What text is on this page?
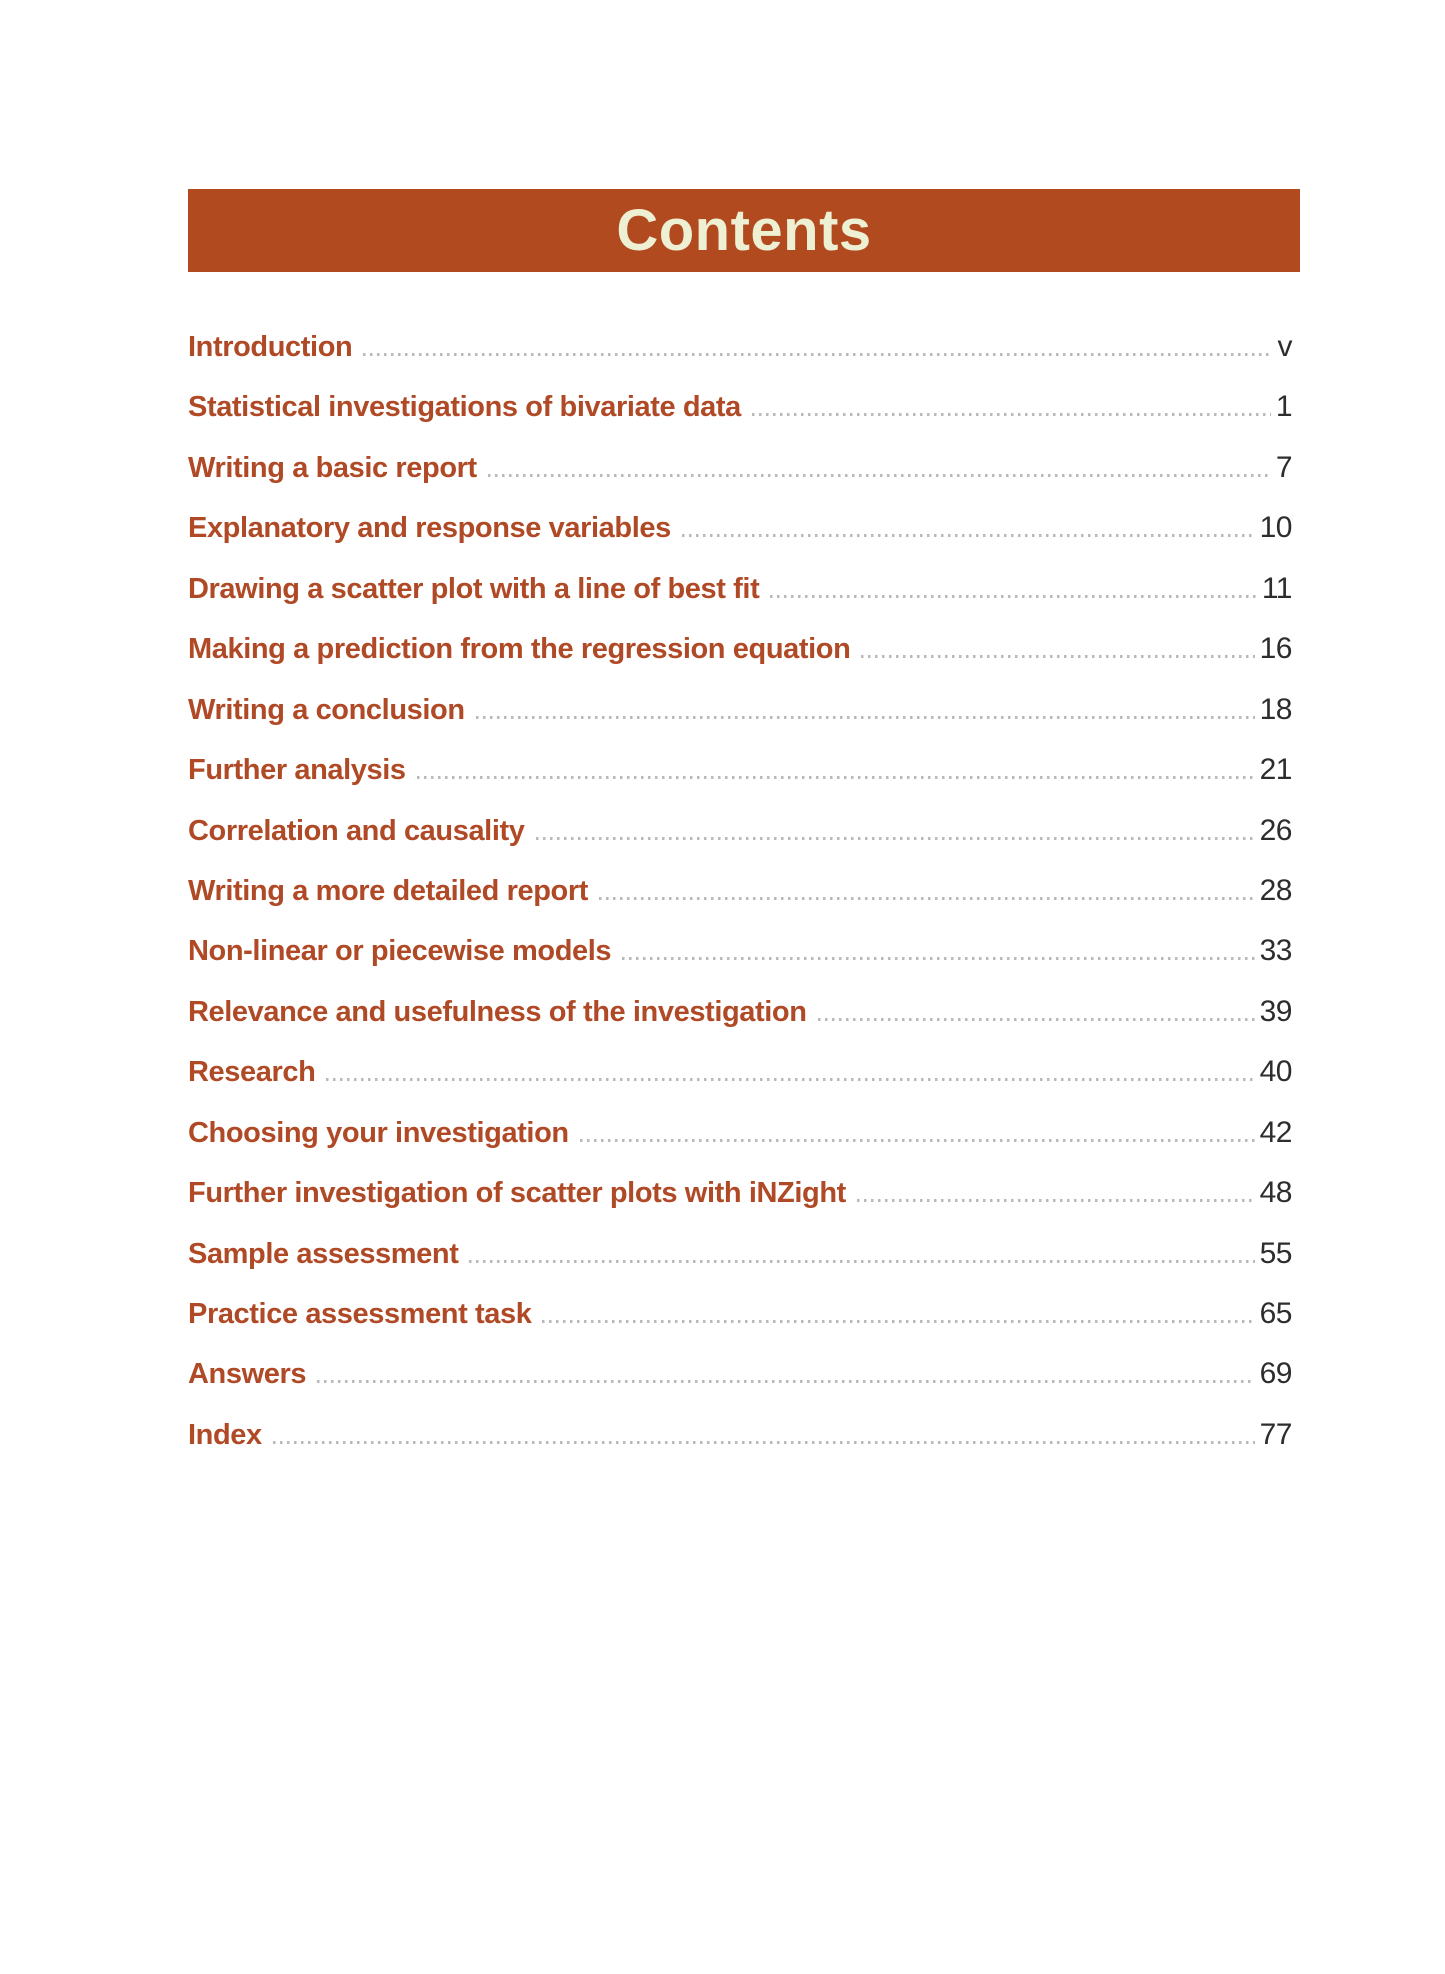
Contents
Introduction	v
Statistical investigations of bivariate data	1
Writing a basic report	7
Explanatory and response variables	10
Drawing a scatter plot with a line of best fit	11
Making a prediction from the regression equation	16
Writing a conclusion	18
Further analysis	21
Correlation and causality	26
Writing a more detailed report	28
Non-linear or piecewise models	33
Relevance and usefulness of the investigation	39
Research	40
Choosing your investigation	42
Further investigation of scatter plots with iNZight	48
Sample assessment	55
Practice assessment task	65
Answers	69
Index	77
